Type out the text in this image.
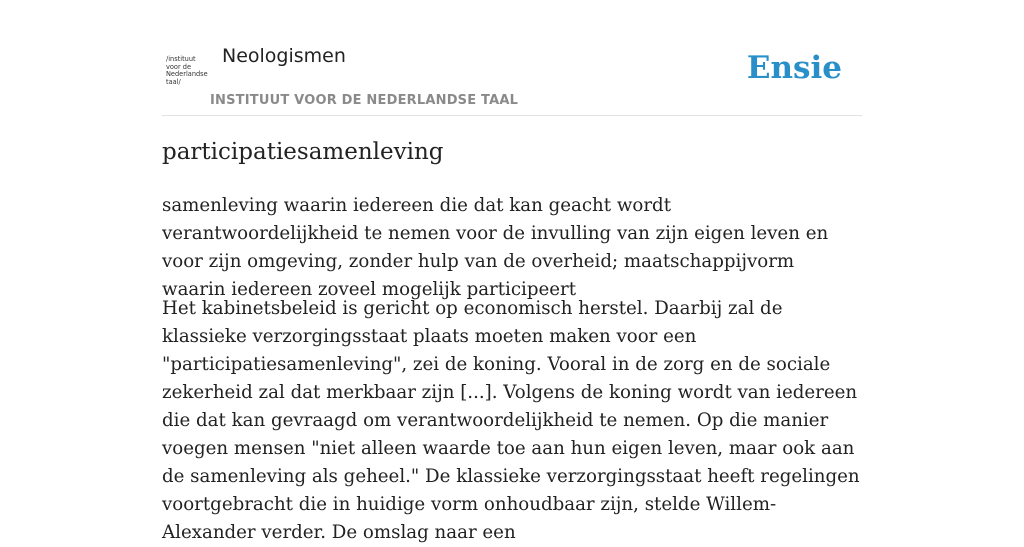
/instituut
voor de
Nederlandse
taal/
Neologismen
INSTITUUT VOOR DE NEDERLANDSE TAAL
Ensie
participatiesamenleving

samenleving waarin iedereen die dat kan geacht wordt verantwoordelijkheid te nemen voor de invulling van zijn eigen leven en voor zijn omgeving, zonder hulp van de overheid; maatschappijvorm waarin iedereen zoveel mogelijk participeert

Het kabinetsbeleid is gericht op economisch herstel. Daarbij zal de klassieke verzorgingsstaat plaats moeten maken voor een "participatiesamenleving", zei de koning. Vooral in de zorg en de sociale zekerheid zal dat merkbaar zijn [...]. Volgens de koning wordt van iedereen die dat kan gevraagd om verantwoordelijkheid te nemen. Op die manier voegen mensen "niet alleen waarde toe aan hun eigen leven, maar ook aan de samenleving als geheel." De klassieke verzorgingsstaat heeft regelingen voortgebracht die in huidige vorm onhoudbaar zijn, stelde Willem-Alexander verder. De omslag naar een
